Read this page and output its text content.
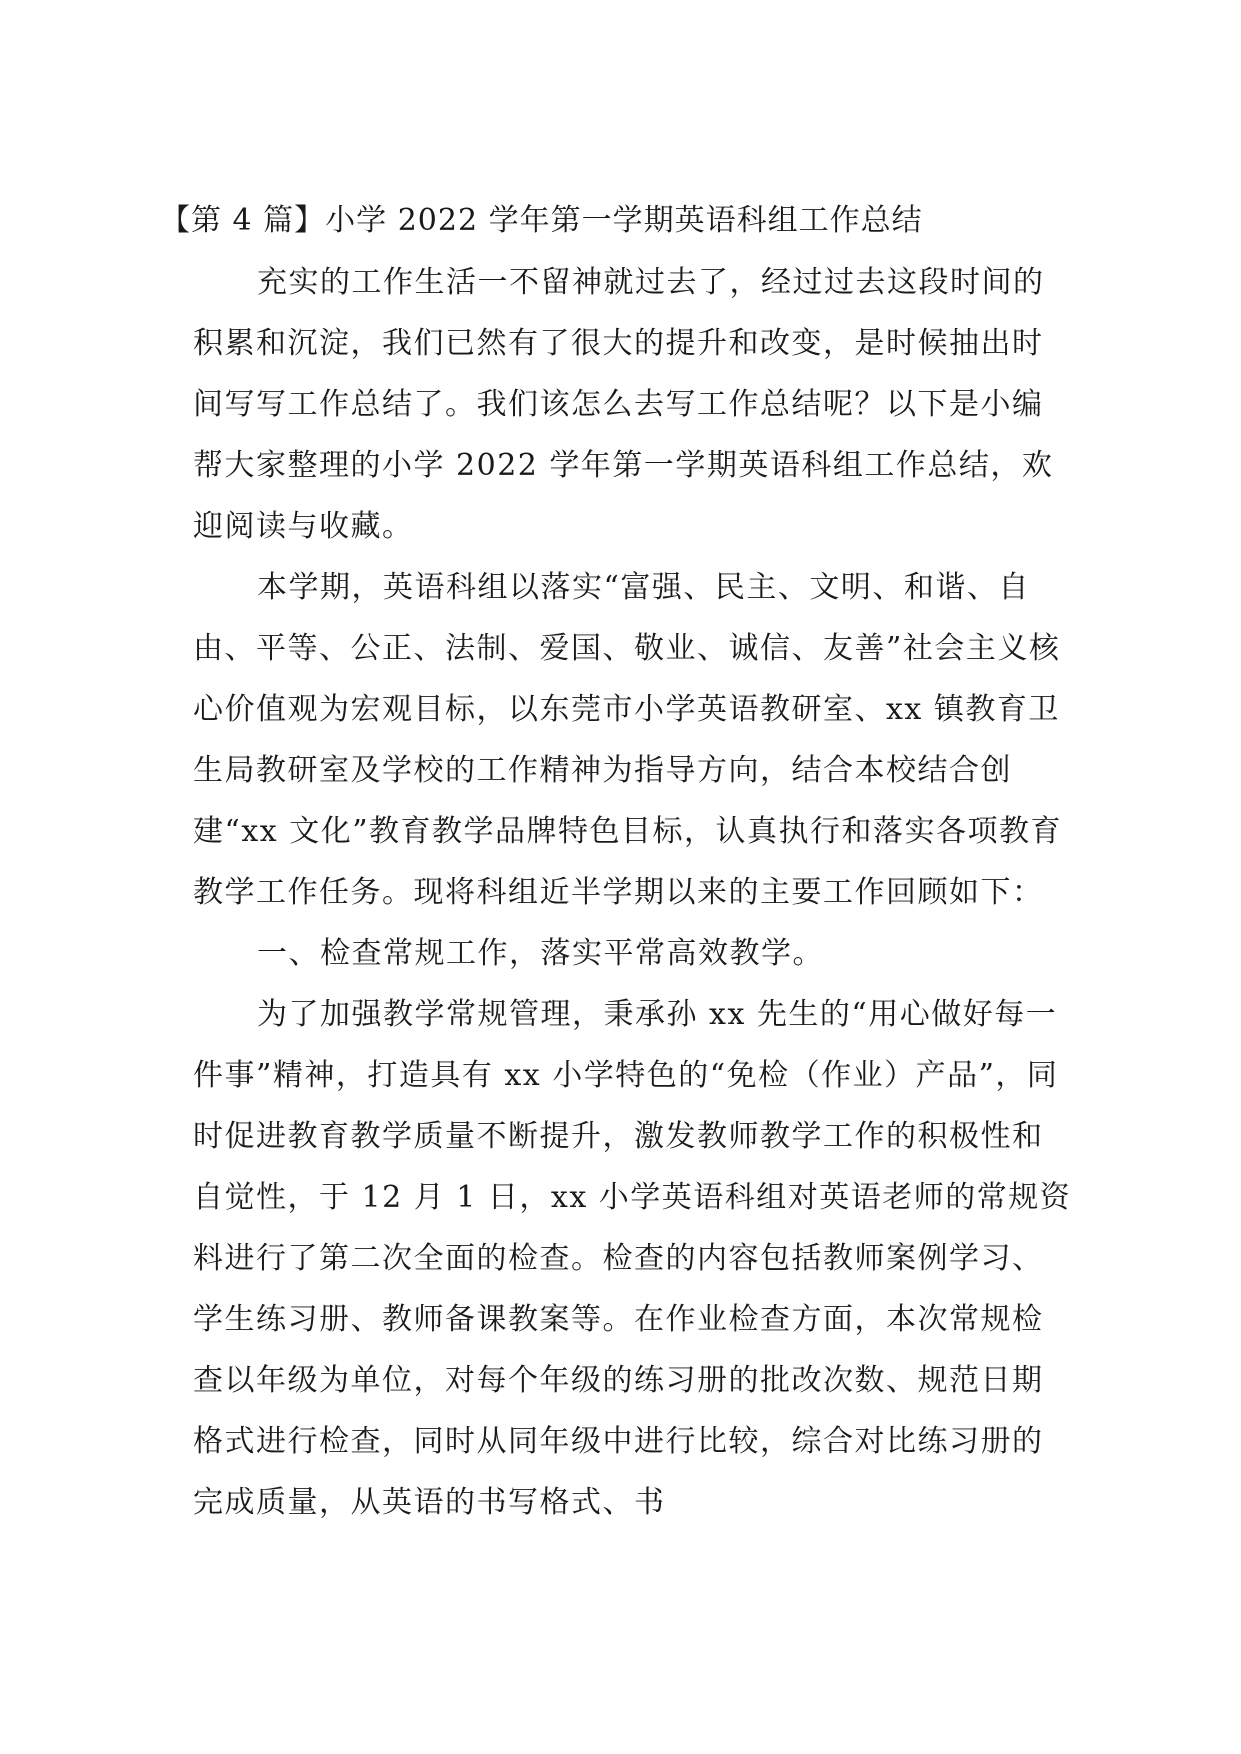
【第 4 篇】小学 2022 学年第一学期英语科组工作总结

充实的工作生活一不留神就过去了，经过过去这段时间的积累和沉淀，我们已然有了很大的提升和改变，是时候抽出时间写写工作总结了。我们该怎么去写工作总结呢？以下是小编帮大家整理的小学 2022 学年第一学期英语科组工作总结，欢迎阅读与收藏。

本学期，英语科组以落实“富强、民主、文明、和谐、自由、平等、公正、法制、爱国、敬业、诚信、友善”社会主义核心价值观为宏观目标，以东莞市小学英语教研室、xx 镇教育卫生局教研室及学校的工作精神为指导方向，结合本校结合创建“xx 文化”教育教学品牌特色目标，认真执行和落实各项教育教学工作任务。现将科组近半学期以来的主要工作回顾如下：

一、检查常规工作，落实平常高效教学。

为了加强教学常规管理，秉承孙 xx 先生的“用心做好每一件事”精神，打造具有 xx 小学特色的“免检（作业）产品”，同时促进教育教学质量不断提升，激发教师教学工作的积极性和自觉性，于 12 月 1 日，xx 小学英语科组对英语老师的常规资料进行了第二次全面的检查。检查的内容包括教师案例学习、学生练习册、教师备课教案等。在作业检查方面，本次常规检查以年级为单位，对每个年级的练习册的批改次数、规范日期格式进行检查，同时从同年级中进行比较，综合对比练习册的完成质量，从英语的书写格式、书
